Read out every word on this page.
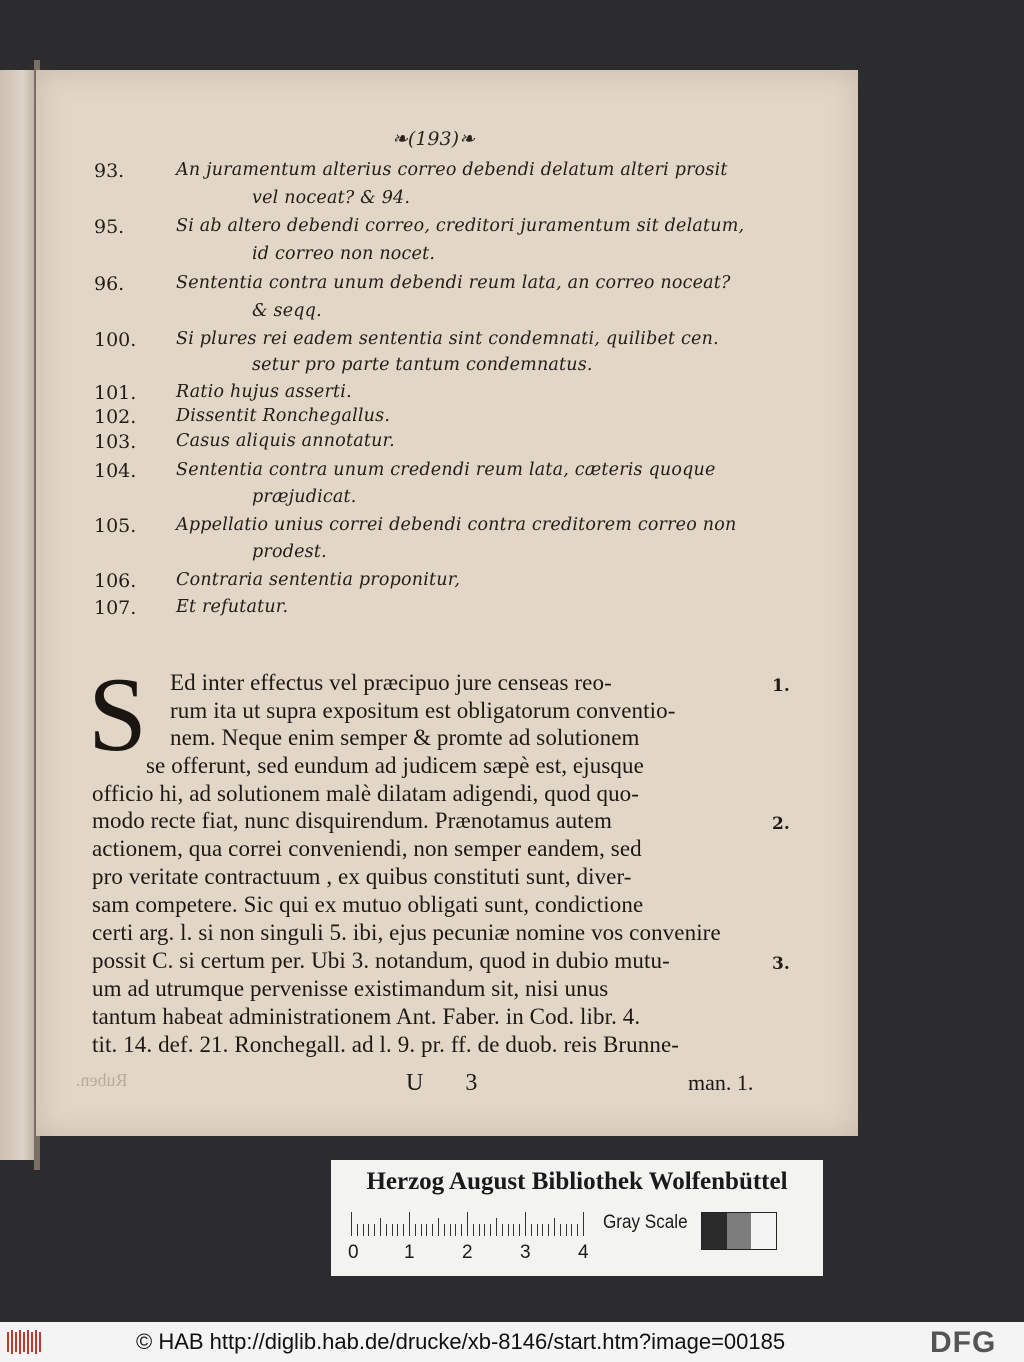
❧(193)❧
93.	An juramentum alterius correo debendi delatum alteri prosit
vel noceat? & 94.
95.	Si ab altero debendi correo, creditori juramentum sit delatum,
id correo non nocet.
96.	Sententia contra unum debendi reum lata, an correo noceat?
& seqq.
100. Si plures rei eadem sententia sint condemnati, quilibet cen.
setur pro parte tantum condemnatus.
101. Ratio hujus asserti.
102. Dissentit Ronchegallus.
103. Casus aliquis annotatur.
104. Sententia contra unum credendi reum lata, cæteris quoque
præjudicat.
105. Appellatio unius correi debendi contra creditorem correo non
prodest.
106. Contraria sententia proponitur,
107. Et refutatur.
S Ed inter effectus vel præcipuo jure censeas reo-
rum ita ut supra expositum est obligatorum conventio-
nem. Neque enim semper & promte ad solutionem
se offerunt, sed eundum ad judicem sæpè est, ejusque
officio hi, ad solutionem malè dilatam adigendi, quod quo-
modo recte fiat, nunc disquirendum. Prænotamus autem
actionem, qua correi conveniendi, non semper eandem, sed
pro veritate contractuum , ex quibus constituti sunt, diver-
sam competere. Sic qui ex mutuo obligati sunt, condictione
certi arg. l. si non singuli 5. ibi, ejus pecuniæ nomine vos convenire
possit C. si certum per. Ubi 3. notandum, quod in dubio mutu-
um ad utrumque pervenisse existimandum sit, nisi unus
tantum habeat administrationem Ant. Faber. in Cod. libr. 4.
tit. 14. def. 21. Ronchegall. ad l. 9. pr. ff. de duob. reis Brunne-
1.
2.
3.
Ruben.	U 3	man. 1.
Herzog August Bibliothek Wolfenbüttel
0 1 2 3 4
Gray Scale
© HAB http://diglib.hab.de/drucke/xb-8146/start.htm?image=00185	DFG
